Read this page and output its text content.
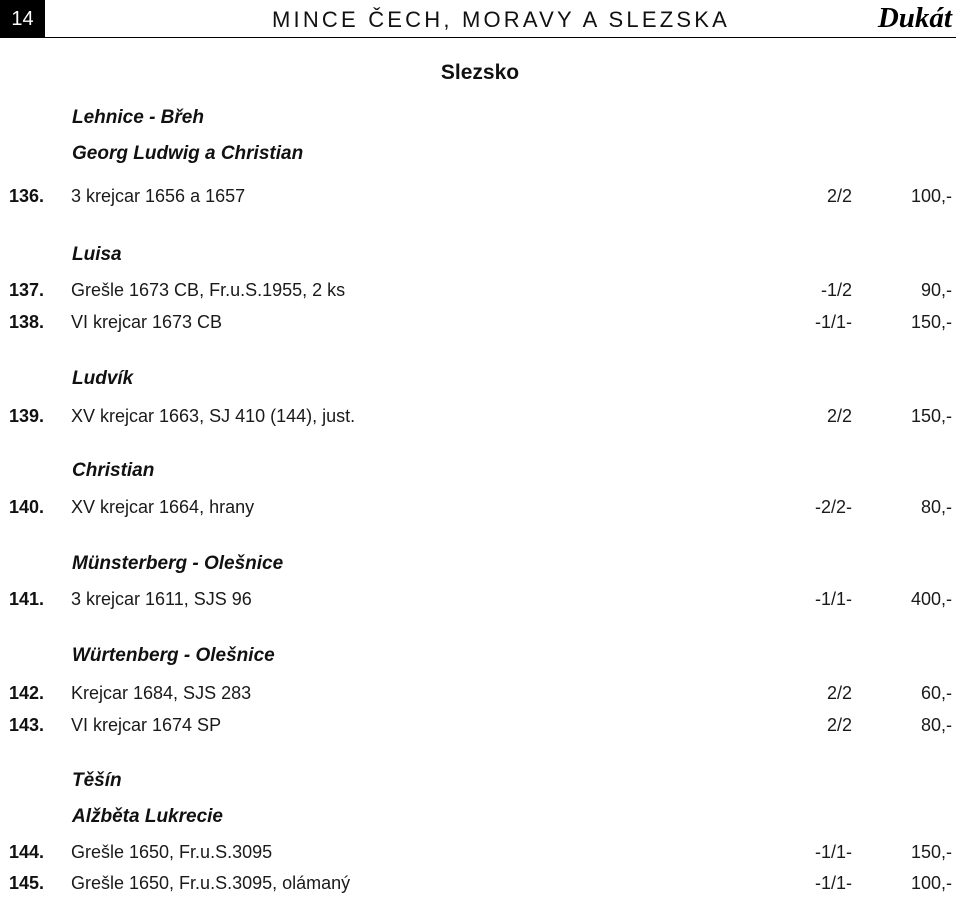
14	MINCE ČECH, MORAVY A SLEZSKA	Dukát
Slezsko
Lehnice - Břeh
Georg Ludwig a Christian
136. 3 krejcar 1656 a 1657	2/2	100,-
Luisa
137. Grešle 1673 CB, Fr.u.S.1955, 2 ks	-1/2	90,-
138. VI krejcar 1673 CB	-1/1-	150,-
Ludvík
139. XV krejcar 1663, SJ 410 (144), just.	2/2	150,-
Christian
140. XV krejcar 1664, hrany	-2/2-	80,-
Münsterberg - Olešnice
141. 3 krejcar 1611, SJS 96	-1/1-	400,-
Würtenberg - Olešnice
142. Krejcar 1684, SJS 283	2/2	60,-
143. VI krejcar 1674 SP	2/2	80,-
Těšín
Alžběta Lukrecie
144. Grešle 1650, Fr.u.S.3095	-1/1-	150,-
145. Grešle 1650, Fr.u.S.3095, olámaný	-1/1-	100,-
